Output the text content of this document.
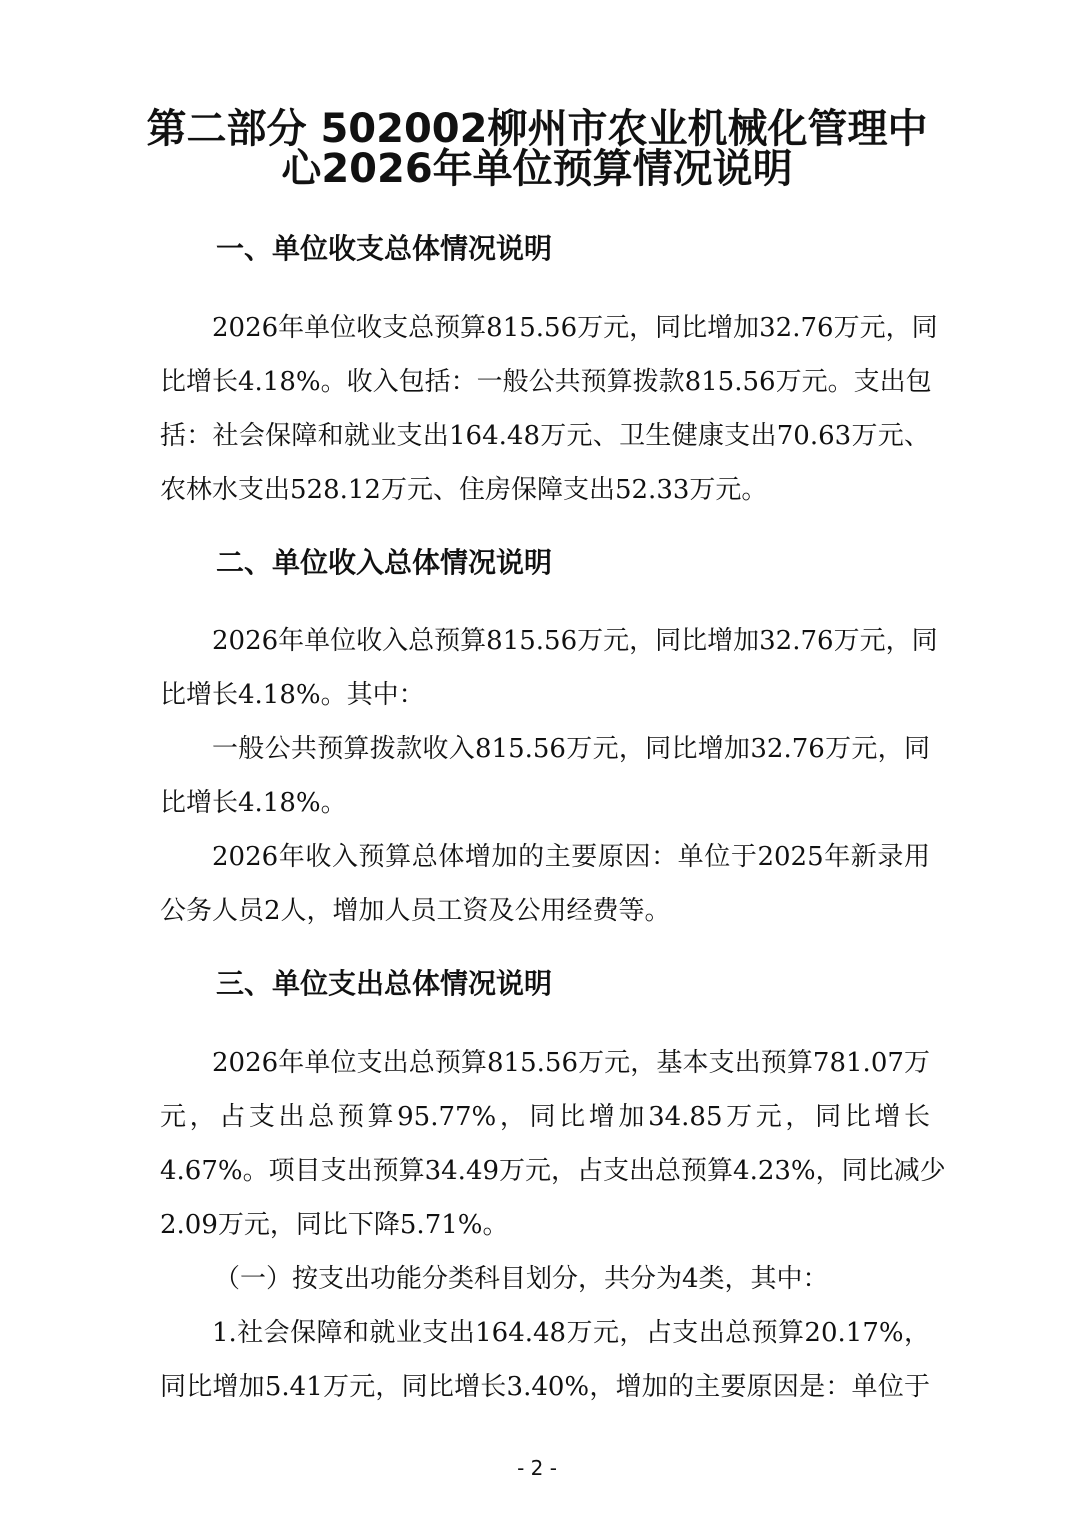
第二部分 502002柳州市农业机械化管理中
心2026年单位预算情况说明
一、单位收支总体情况说明

2026年单位收支总预算815.56万元，同比增加32.76万元，同

比增长4.18%。收入包括：一般公共预算拨款815.56万元。支出包

括：社会保障和就业支出164.48万元、卫生健康支出70.63万元、

农林水支出528.12万元、住房保障支出52.33万元。

二、单位收入总体情况说明

2026年单位收入总预算815.56万元，同比增加32.76万元，同

比增长4.18%。其中：

一般公共预算拨款收入815.56万元，同比增加32.76万元，同

比增长4.18%。

2026年收入预算总体增加的主要原因：单位于2025年新录用

公务人员2人，增加人员工资及公用经费等。

三、单位支出总体情况说明

2026年单位支出总预算815.56万元，基本支出预算781.07万

元，占支出总预算95.77%，同比增加34.85万元，同比增长

4.67%。项目支出预算34.49万元，占支出总预算4.23%，同比减少

2.09万元，同比下降5.71%。

（一）按支出功能分类科目划分，共分为4类，其中：

1.社会保障和就业支出164.48万元，占支出总预算20.17%，

同比增加5.41万元，同比增长3.40%，增加的主要原因是：单位于

- 2 -
